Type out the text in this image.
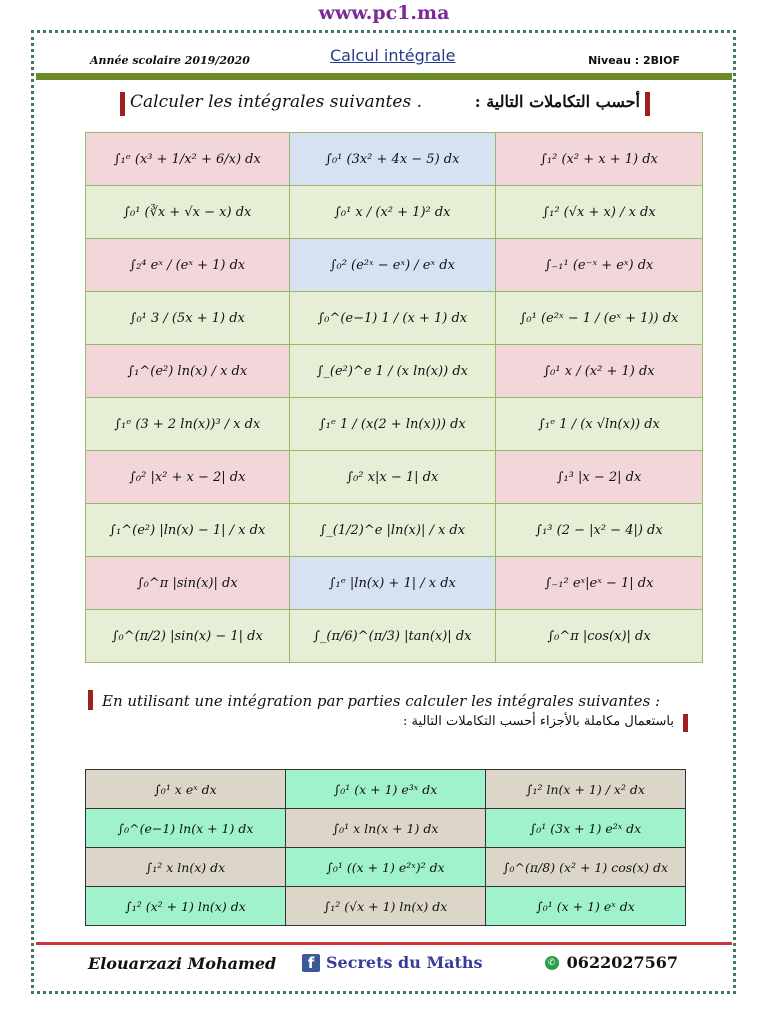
www.pc1.ma
Année scolaire 2019/2020	Calcul intégrale	Niveau : 2BIOF
Calculer les intégrales suivantes .	أحسب التكاملات التالية :
∫₁ᵉ (x³ + 1/x² + 6/x) dx	∫₀¹ (3x² + 4x − 5) dx	∫₁² (x² + x + 1) dx
∫₀¹ (∛x + √x − x) dx	∫₀¹ x / (x² + 1)² dx	∫₁² (√x + x) / x dx
∫₂⁴ eˣ / (eˣ + 1) dx	∫₀² (e²ˣ − eˣ) / eˣ dx	∫₋₁¹ (e⁻ˣ + eˣ) dx
∫₀¹ 3 / (5x + 1) dx	∫₀^(e−1) 1 / (x + 1) dx	∫₀¹ (e²ˣ − 1 / (eˣ + 1)) dx
∫₁^(e²) ln(x) / x dx	∫_(e²)^e 1 / (x ln(x)) dx	∫₀¹ x / (x² + 1) dx
∫₁ᵉ (3 + 2 ln(x))³ / x dx	∫₁ᵉ 1 / (x(2 + ln(x))) dx	∫₁ᵉ 1 / (x √ln(x)) dx
∫₀² |x² + x − 2| dx	∫₀² x|x − 1| dx	∫₁³ |x − 2| dx
∫₁^(e²) |ln(x) − 1| / x dx	∫_(1/2)^e |ln(x)| / x dx	∫₁³ (2 − |x² − 4|) dx
∫₀^π |sin(x)| dx	∫₁ᵉ |ln(x) + 1| / x dx	∫₋₁² eˣ|eˣ − 1| dx
∫₀^(π/2) |sin(x) − 1| dx	∫_(π/6)^(π/3) |tan(x)| dx	∫₀^π |cos(x)| dx
En utilisant une intégration par parties calculer les intégrales suivantes :
باستعمال مكاملة بالأجزاء أحسب التكاملات التالية :
∫₀¹ x eˣ dx	∫₀¹ (x + 1) e³ˣ dx	∫₁² ln(x + 1) / x² dx
∫₀^(e−1) ln(x + 1) dx	∫₀¹ x ln(x + 1) dx	∫₀¹ (3x + 1) e²ˣ dx
∫₁² x ln(x) dx	∫₀¹ ((x + 1) e²ˣ)² dx	∫₀^(π/8) (x² + 1) cos(x) dx
∫₁² (x² + 1) ln(x) dx	∫₁² (√x + 1) ln(x) dx	∫₀¹ (x + 1) eˣ dx
Elouarzazi Mohamed	f Secrets du Maths	✆ 0622027567
